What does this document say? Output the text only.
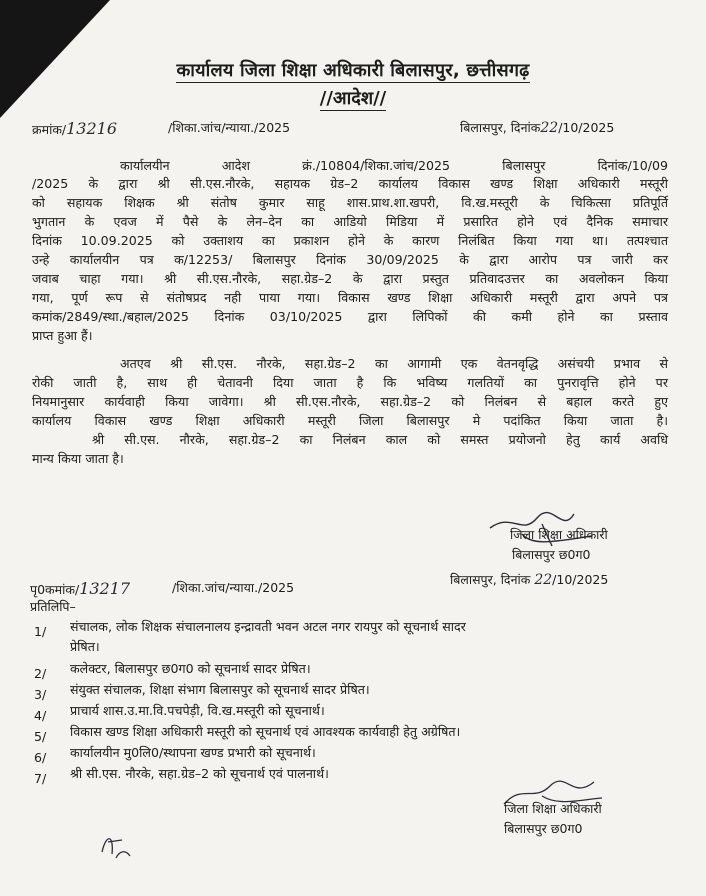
कार्यालय जिला शिक्षा अधिकारी बिलासपुर, छत्तीसगढ़
//आदेश//
क्रमांक/13216	/शिका.जांच/न्याया./2025	बिलासपुर, दिनांक22/10/2025
कार्यालयीन आदेश क्रं./10804/शिका.जांच/2025 बिलासपुर दिनांक/10/09
/2025 के द्वारा श्री सी.एस.नौरके, सहायक ग्रेड–2 कार्यालय विकास खण्ड शिक्षा अधिकारी मस्तूरी
को सहायक शिक्षक श्री संतोष कुमार साहू शास.प्राथ.शा.खपरी, वि.ख.मस्तूरी के चिकित्सा प्रतिपूर्ति
भुगतान के एवज में पैसे के लेन–देन का आडियो मिडिया में प्रसारित होने एवं दैनिक समाचार
दिनांक 10.09.2025 को उक्ताशय का प्रकाशन होने के कारण निलंबित किया गया था। तत्पश्चात
उन्हे कार्यालयीन पत्र क/12253/ बिलासपुर दिनांक 30/09/2025 के द्वारा आरोप पत्र जारी कर
जवाब चाहा गया। श्री सी.एस.नौरके, सहा.ग्रेड–2 के द्वारा प्रस्तुत प्रतिवादउत्तर का अवलोकन किया
गया, पूर्ण रूप से संतोषप्रद नही पाया गया। विकास खण्ड शिक्षा अधिकारी मस्तूरी द्वारा अपने पत्र
कमांक/2849/स्था./बहाल/2025 दिनांक 03/10/2025 द्वारा लिपिकों की कमी होने का प्रस्ताव
प्राप्त हुआ हैं।
अतएव श्री सी.एस. नौरके, सहा.ग्रेड–2 का आगामी एक वेतनवृद्धि असंचयी प्रभाव से
रोकी जाती है, साथ ही चेतावनी दिया जाता है कि भविष्य गलतियों का पुनरावृत्ति होने पर
नियमानुसार कार्यवाही किया जावेगा। श्री सी.एस.नौरके, सहा.ग्रेड–2 को निलंबन से बहाल करते हुए
कार्यालय विकास खण्ड शिक्षा अधिकारी मस्तूरी जिला बिलासपुर मे पदांकित किया जाता है।
श्री सी.एस. नौरके, सहा.ग्रेड–2 का निलंबन काल को समस्त प्रयोजनो हेतु कार्य अवधि
मान्य किया जाता है।
जिला शिक्षा अधिकारी
बिलासपुर छ0ग0
पृ0कमांक/13217	/शिका.जांच/न्याया./2025
बिलासपुर, दिनांक 22/10/2025
प्रतिलिपि–
1/ संचालक, लोक शिक्षक संचालनालय इन्द्रावती भवन अटल नगर रायपुर को सूचनार्थ सादर
प्रेषित।
2/ कलेक्टर, बिलासपुर छ0ग0 को सूचनार्थ सादर प्रेषित।
3/ संयुक्त संचालक, शिक्षा संभाग बिलासपुर को सूचनार्थ सादर प्रेषित।
4/ प्राचार्य शास.उ.मा.वि.पचपेड़ी, वि.ख.मस्तूरी को सूचनार्थ।
5/ विकास खण्ड शिक्षा अधिकारी मस्तूरी को सूचनार्थ एवं आवश्यक कार्यवाही हेतु अग्रेषित।
6/ कार्यालयीन मु0लि0/स्थापना खण्ड प्रभारी को सूचनार्थ।
7/ श्री सी.एस. नौरके, सहा.ग्रेड–2 को सूचनार्थ एवं पालनार्थ।
जिला शिक्षा अधिकारी
बिलासपुर छ0ग0
